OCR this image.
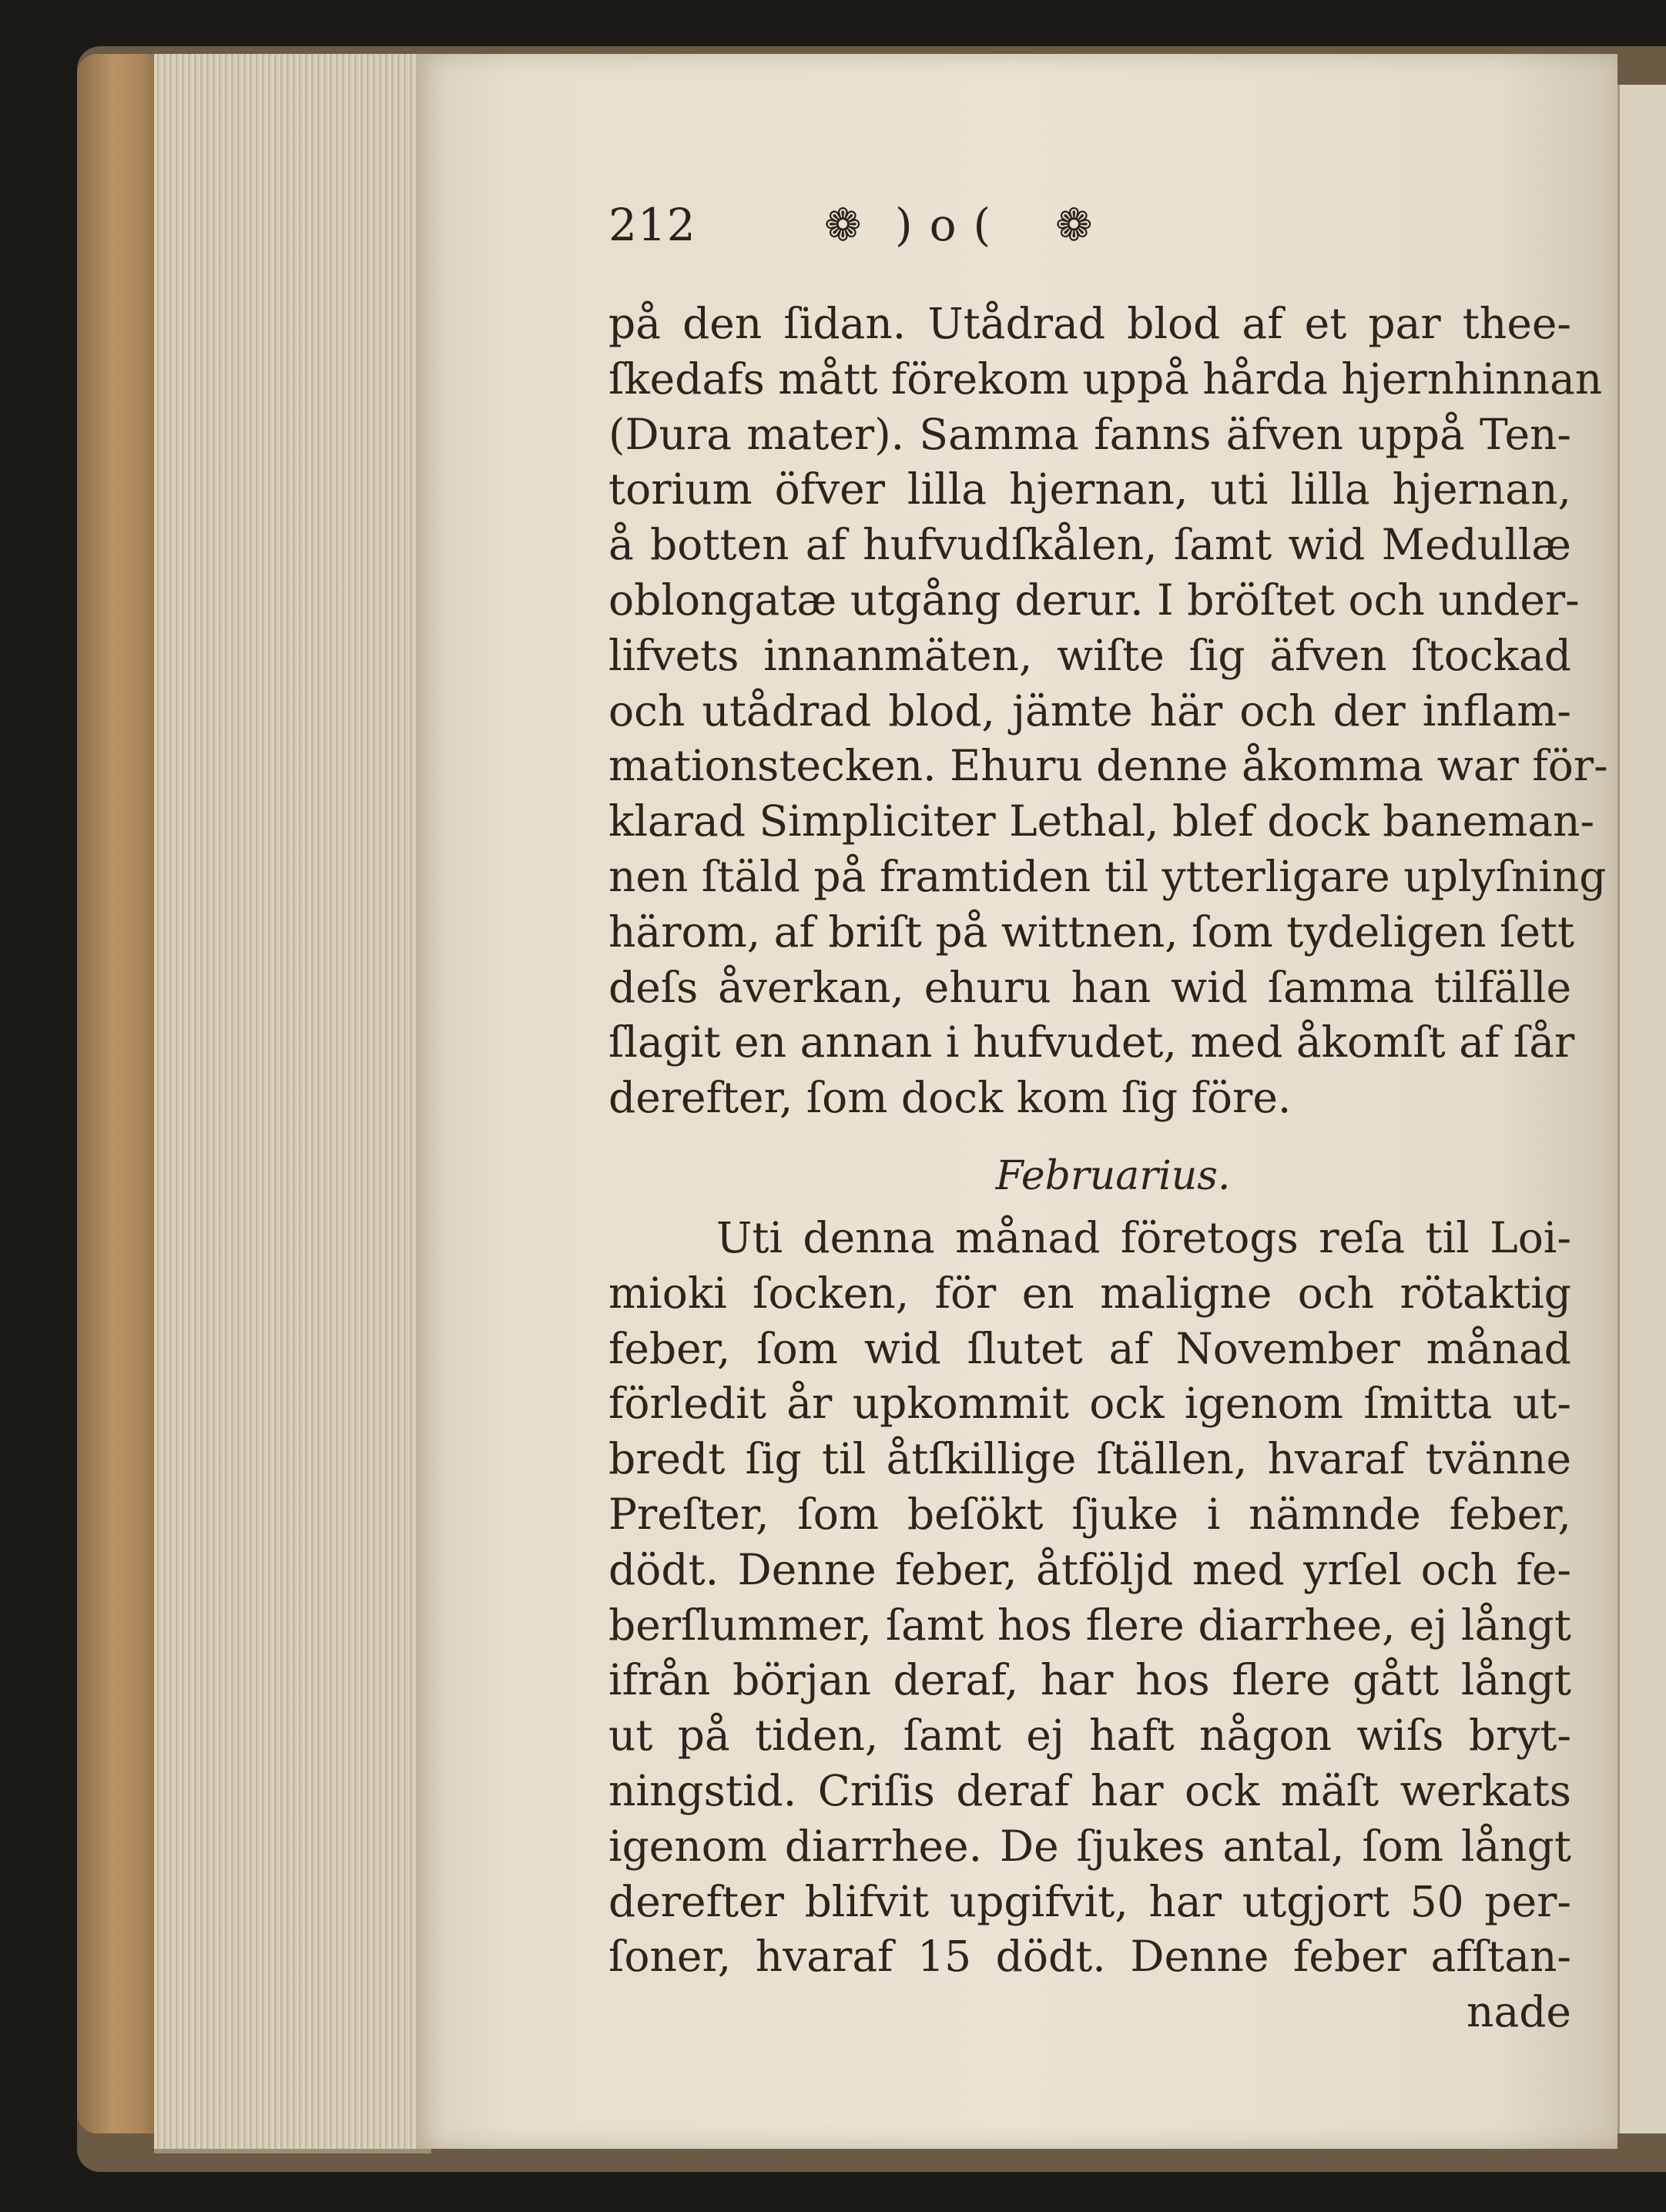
212	❁ )o( ❁
på den ſidan. Utådrad blod af et par thee-
ſkedafs mått förekom uppå hårda hjernhinnan
(Dura mater). Samma fanns äfven uppå Ten-
torium öfver lilla hjernan, uti lilla hjernan,
å botten af hufvudſkålen, ſamt wid Medullæ
oblongatæ utgång derur. I bröſtet och under-
lifvets innanmäten, wiſte ſig äfven ſtockad
och utådrad blod, jämte här och der inflam-
mationstecken. Ehuru denne åkomma war för-
klarad Simpliciter Lethal, blef dock baneman-
nen ſtäld på framtiden til ytterligare uplyſning
härom, af briſt på wittnen, ſom tydeligen ſett
deſs åverkan, ehuru han wid ſamma tilfälle
ſlagit en annan i hufvudet, med åkomſt af ſår
derefter, ſom dock kom ſig före.
Februarius.
Uti denna månad företogs reſa til Loi-
mioki ſocken, för en maligne och rötaktig
feber, ſom wid ſlutet af November månad
förledit år upkommit ock igenom ſmitta ut-
bredt ſig til åtſkillige ſtällen, hvaraf tvänne
Preſter, ſom beſökt ſjuke i nämnde feber,
dödt. Denne feber, åtföljd med yrſel och fe-
berſlummer, ſamt hos flere diarrhee, ej långt
ifrån början deraf, har hos flere gått långt
ut på tiden, ſamt ej haft någon wiſs bryt-
ningstid. Criſis deraf har ock mäſt werkats
igenom diarrhee. De ſjukes antal, ſom långt
derefter blifvit upgifvit, har utgjort 50 per-
ſoner, hvaraf 15 dödt. Denne feber afſtan-
nade
